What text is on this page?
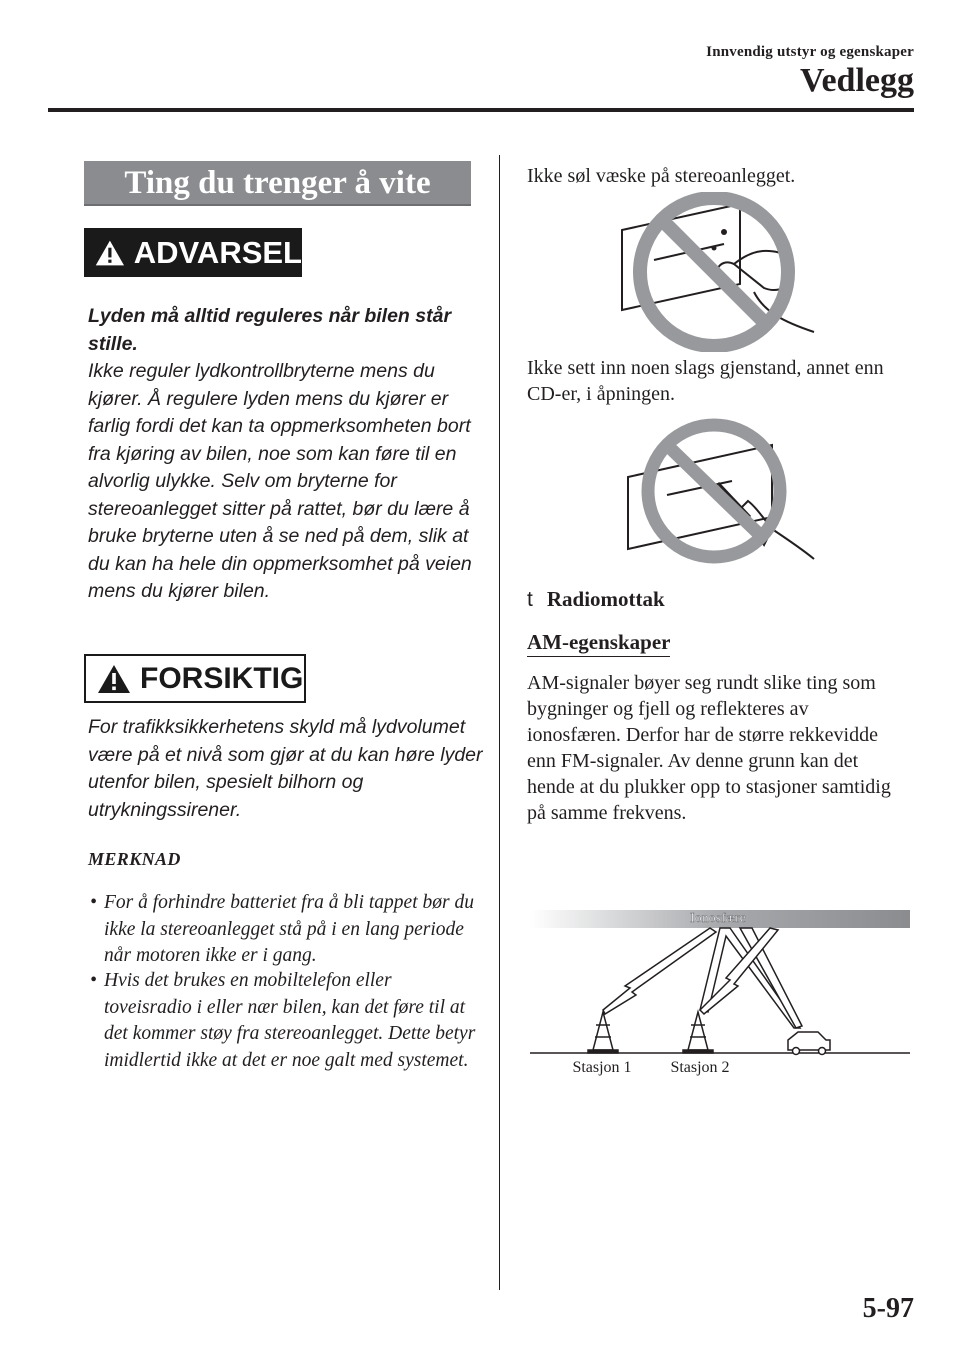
Innvendig utstyr og egenskaper
Vedlegg
Ting du trenger å vite
ADVARSEL
Lyden må alltid reguleres når bilen står stille.
Ikke reguler lydkontrollbryterne mens du kjører. Å regulere lyden mens du kjører er farlig fordi det kan ta oppmerksomheten bort fra kjøring av bilen, noe som kan føre til en alvorlig ulykke. Selv om bryterne for stereoanlegget sitter på rattet, bør du lære å bruke bryterne uten å se ned på dem, slik at du kan ha hele din oppmerksomhet på veien mens du kjører bilen.
FORSIKTIG
For trafikksikkerhetens skyld må lydvolumet være på et nivå som gjør at du kan høre lyder utenfor bilen, spesielt bilhorn og utrykningssirener.
MERKNAD
• For å forhindre batteriet fra å bli tappet bør du ikke la stereoanlegget stå på i en lang periode når motoren ikke er i gang.
• Hvis det brukes en mobiltelefon eller toveisradio i eller nær bilen, kan det føre til at det kommer støy fra stereoanlegget. Dette betyr imidlertid ikke at det er noe galt med systemet.
Ikke søl væske på stereoanlegget.
Ikke sett inn noen slags gjenstand, annet enn CD-er, i åpningen.
t Radiomottak
AM-egenskaper
AM-signaler bøyer seg rundt slike ting som bygninger og fjell og reflekteres av ionosfæren. Derfor har de større rekkevidde enn FM-signaler. Av denne grunn kan det hende at du plukker opp to stasjoner samtidig på samme frekvens.
Ionosfære
Stasjon 1 Stasjon 2
5-97
